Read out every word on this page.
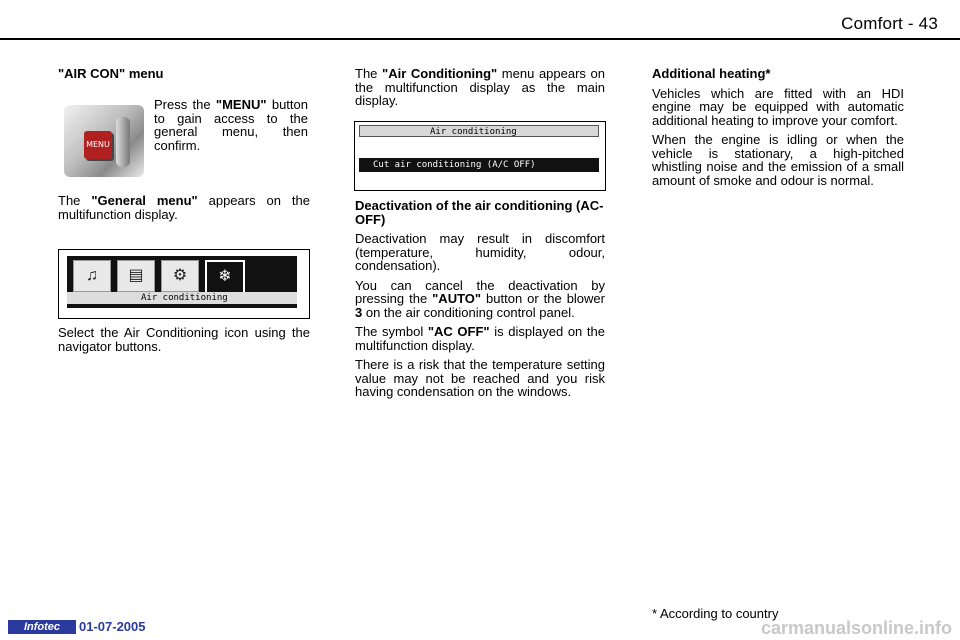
Comfort - 43
"AIR CON" menu
MENU
Press the "MENU" button to gain access to the general menu, then confirm.
The "General menu" appears on the multifunction display.
♫	▤	⚙	❄
Air conditioning
Select the Air Conditioning icon using the navigator buttons.

The "Air Conditioning" menu appears on the multifunction display as the main display.

Air conditioning
Cut air conditioning (A/C OFF)

Deactivation of the air conditioning (AC-OFF)

Deactivation may result in discomfort (temperature, humidity, odour, condensation).

You can cancel the deactivation by pressing the "AUTO" button or the blower 3 on the air conditioning control panel.

The symbol "AC OFF" is displayed on the multifunction display.

There is a risk that the temperature setting value may not be reached and you risk having condensation on the windows.

Additional heating*

Vehicles which are fitted with an HDI engine may be equipped with automatic additional heating to improve your comfort.

When the engine is idling or when the vehicle is stationary, a high-pitched whistling noise and the emission of a small amount of smoke and odour is normal.

* According to country
Infotec	01-07-2005	carmanualsonline.info
